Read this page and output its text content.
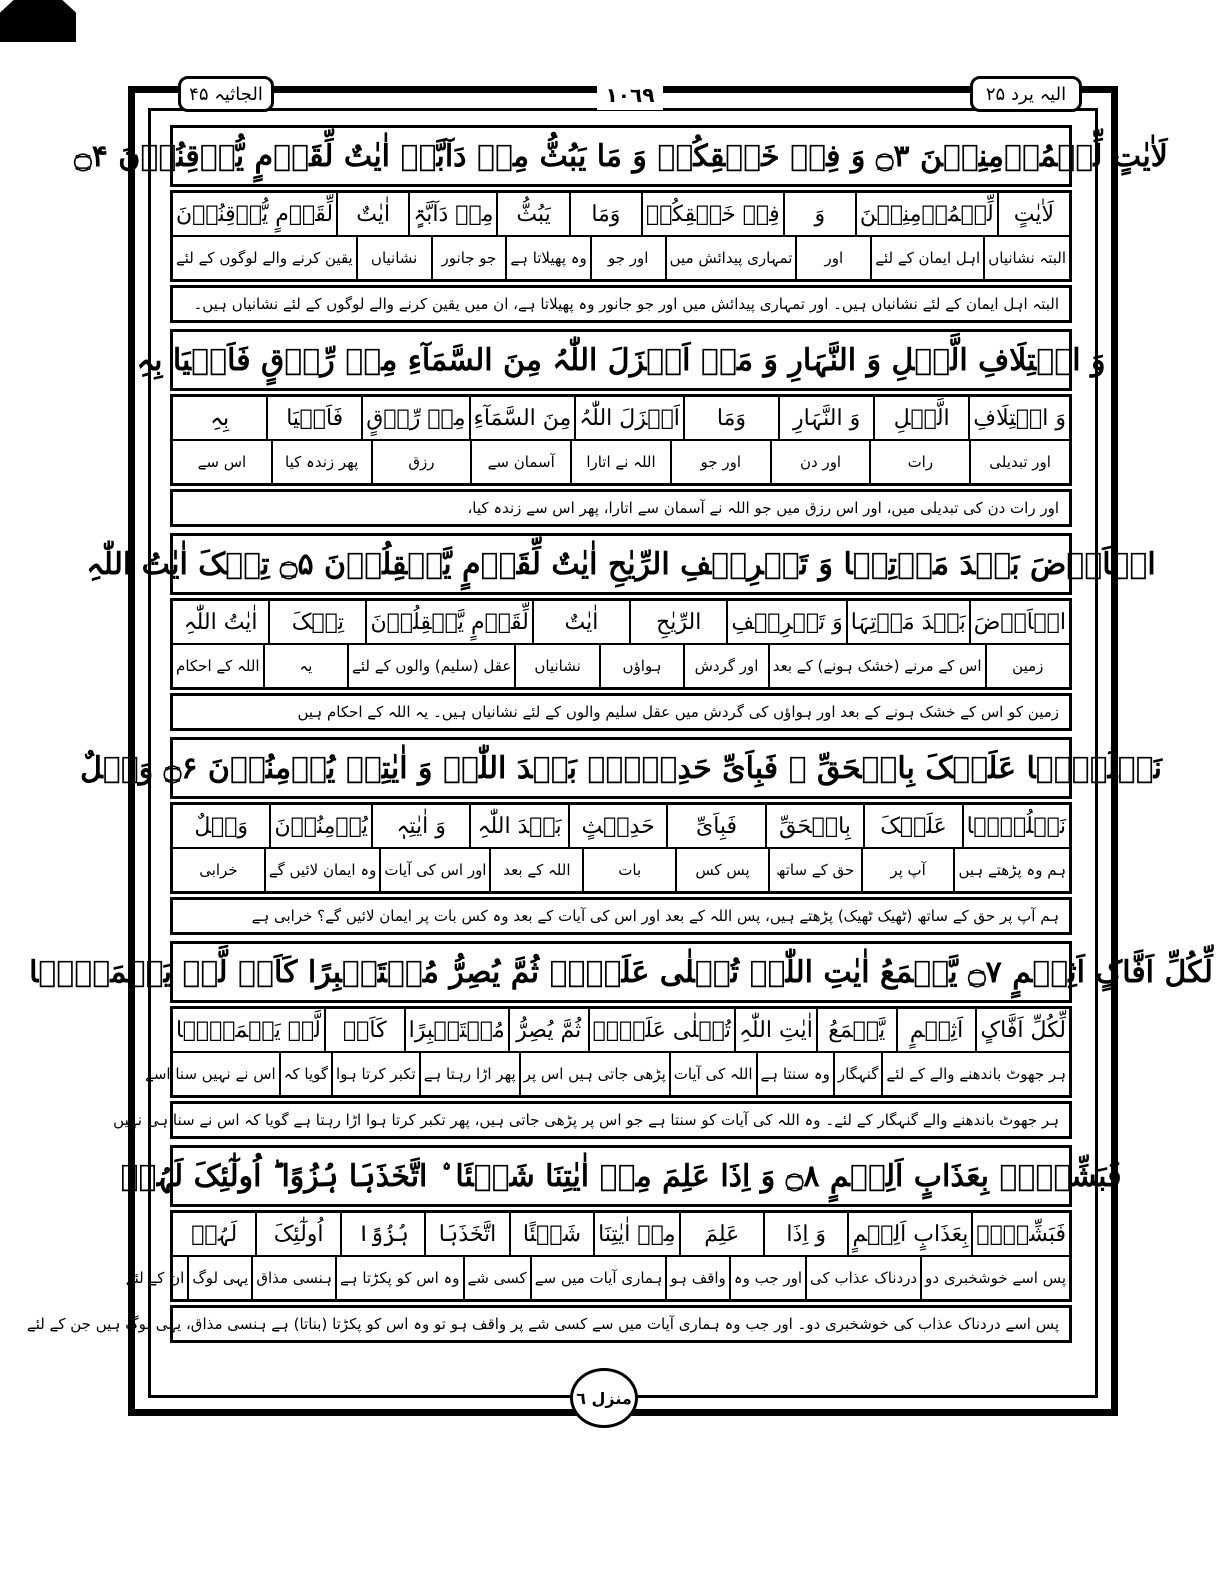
الجاثیہ ۴۵	١٠٦٩	الیہ یرد ۲۵
لَاٰیٰتٍ لِّلۡمُؤۡمِنِیۡنَ ۝۳ وَ فِیۡ خَلۡقِکُمۡ وَ مَا یَبُثُّ مِنۡ دَآبَّۃٍ اٰیٰتٌ لِّقَوۡمٍ یُّوۡقِنُوۡنَ ۝۴
لَاٰیٰتٍ
لِّلۡمُؤۡمِنِیۡنَ
وَ
فِیۡ خَلۡقِکُمۡ
وَمَا
یَبُثُّ
مِنۡ دَآبَّۃٍ
اٰیٰتٌ
لِّقَوۡمٍ یُّوۡقِنُوۡنَ
البتہ نشانیاں
اہل ایمان کے لئے
اور
تمہاری پیدائش میں
اور جو
وہ پھیلاتا ہے
جو جانور
نشانیاں
یقین کرنے والے لوگوں کے لئے
البتہ اہل ایمان کے لئے نشانیاں ہیں۔ اور تمہاری پیدائش میں اور جو جانور وہ پھیلاتا ہے، ان میں یقین کرنے والے لوگوں کے لئے نشانیاں ہیں۔
وَ اخۡتِلَافِ الَّیۡلِ وَ النَّہَارِ وَ مَاۤ اَنۡزَلَ اللّٰہُ مِنَ السَّمَآءِ مِنۡ رِّزۡقٍ فَاَحۡیَا بِہِ
وَ اخۡتِلَافِ
الَّیۡلِ
وَ النَّہَارِ
وَمَا
اَنۡزَلَ اللّٰہُ
مِنَ السَّمَآءِ
مِنۡ رِّزۡقٍ
فَاَحۡیَا
بِہِ
اور تبدیلی
رات
اور دن
اور جو
اللہ نے اتارا
آسمان سے
رزق
پھر زندہ کیا
اس سے
اور رات دن کی تبدیلی میں، اور اس رزق میں جو اللہ نے آسمان سے اتارا، پھر اس سے زندہ کیا،
الۡاَرۡضَ بَعۡدَ مَوۡتِہَا وَ تَصۡرِیۡفِ الرِّیٰحِ اٰیٰتٌ لِّقَوۡمٍ یَّعۡقِلُوۡنَ ۝۵ تِلۡکَ اٰیٰتُ اللّٰہِ
الۡاَرۡضَ
بَعۡدَ مَوۡتِہَا
وَ تَصۡرِیۡفِ
الرِّیٰحِ
اٰیٰتٌ
لِّقَوۡمٍ یَّعۡقِلُوۡنَ
تِلۡکَ
اٰیٰتُ اللّٰہِ
زمین
اس کے مرنے (خشک ہونے) کے بعد
اور گردش
ہواؤں
نشانیاں
عقل (سلیم) والوں کے لئے
یہ
اللہ کے احکام
زمین کو اس کے خشک ہونے کے بعد اور ہواؤں کی گردش میں عقل سلیم والوں کے لئے نشانیاں ہیں۔ یہ اللہ کے احکام ہیں
نَتۡلُوۡہَا عَلَیۡکَ بِالۡحَقِّ ۚ فَبِاَیِّ حَدِیۡثٍۭ بَعۡدَ اللّٰہِ وَ اٰیٰتِہٖ یُؤۡمِنُوۡنَ ۝۶ وَیۡلٌ
نَتۡلُوۡہَا
عَلَیۡکَ
بِالۡحَقِّ
فَبِاَیِّ
حَدِیۡثٍ
بَعۡدَ اللّٰہِ
وَ اٰیٰتِہٖ
یُؤۡمِنُوۡنَ
وَیۡلٌ
ہم وہ پڑھتے ہیں
آپ پر
حق کے ساتھ
پس کس
بات
اللہ کے بعد
اور اس کی آیات
وہ ایمان لائیں گے
خرابی
ہم آپ پر حق کے ساتھ (ٹھیک ٹھیک) پڑھتے ہیں، پس اللہ کے بعد اور اس کی آیات کے بعد وہ کس بات پر ایمان لائیں گے؟ خرابی ہے
لِّکُلِّ اَفَّاکٍ اَثِیۡمٍ ۝۷ یَّسۡمَعُ اٰیٰتِ اللّٰہِ تُتۡلٰی عَلَیۡہِ ثُمَّ یُصِرُّ مُسۡتَکۡبِرًا کَاَنۡ لَّمۡ یَسۡمَعۡہَا
لِّکُلِّ اَفَّاکٍ
اَثِیۡمٍ
یَّسۡمَعُ
اٰیٰتِ اللّٰہِ
تُتۡلٰی عَلَیۡہِ
ثُمَّ یُصِرُّ
مُسۡتَکۡبِرًا
کَاَنۡ
لَّمۡ یَسۡمَعۡہَا
ہر جھوٹ باندھنے والے کے لئے
گنہگار
وہ سنتا ہے
اللہ کی آیات
پڑھی جاتی ہیں اس پر
پھر اڑا رہتا ہے
تکبر کرتا ہوا
گویا کہ
اس نے نہیں سنا اسے
ہر جھوٹ باندھنے والے گنہگار کے لئے۔ وہ اللہ کی آیات کو سنتا ہے جو اس پر پڑھی جاتی ہیں، پھر تکبر کرتا ہوا اڑا رہتا ہے گویا کہ اس نے سنا ہی نہیں
فَبَشِّرۡہُ بِعَذَابٍ اَلِیۡمٍ ۝۸ وَ اِذَا عَلِمَ مِنۡ اٰیٰتِنَا شَیۡئَا ۨ اتَّخَذَہَا ہُزُوًا ؕ اُولٰٓئِکَ لَہُمۡ
فَبَشِّرۡہُ
بِعَذَابٍ اَلِیۡمٍ
وَ اِذَا
عَلِمَ
مِنۡ اٰیٰتِنَا
شَیۡئًا
اتَّخَذَہَا
ہُزُوًا
اُولٰٓئِکَ
لَہُمۡ
پس اسے خوشخبری دو
دردناک عذاب کی
اور جب وہ
واقف ہو
ہماری آیات میں سے
کسی شے
وہ اس کو پکڑتا ہے
ہنسی مذاق
یہی لوگ
ان کے لئے
پس اسے دردناک عذاب کی خوشخبری دو۔ اور جب وہ ہماری آیات میں سے کسی شے پر واقف ہو تو وہ اس کو پکڑتا (بناتا) ہے ہنسی مذاق، یہی لوگ ہیں جن کے لئے
منزل ٦
